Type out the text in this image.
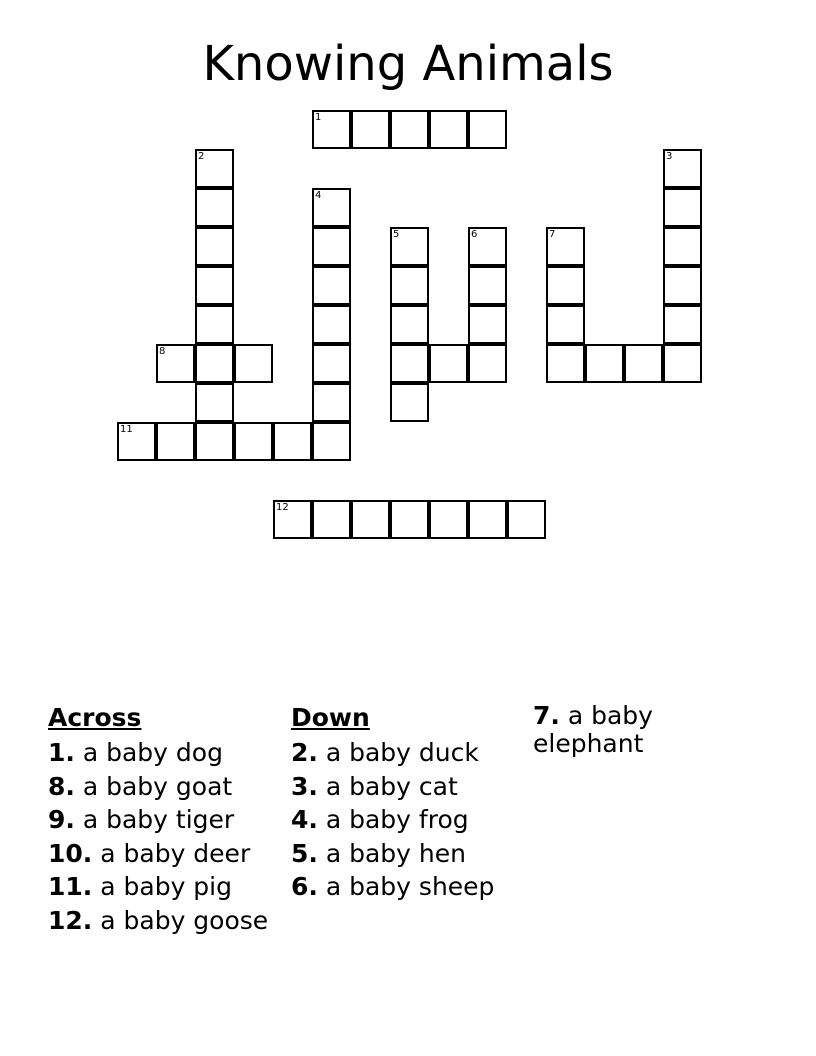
Knowing Animals
1
2	3
4
5	6	7
8
11
12
Across
1. a baby dog
8. a baby goat
9. a baby tiger
10. a baby deer
11. a baby pig
12. a baby goose
Down
2. a baby duck
3. a baby cat
4. a baby frog
5. a baby hen
6. a baby sheep
7. a baby elephant
